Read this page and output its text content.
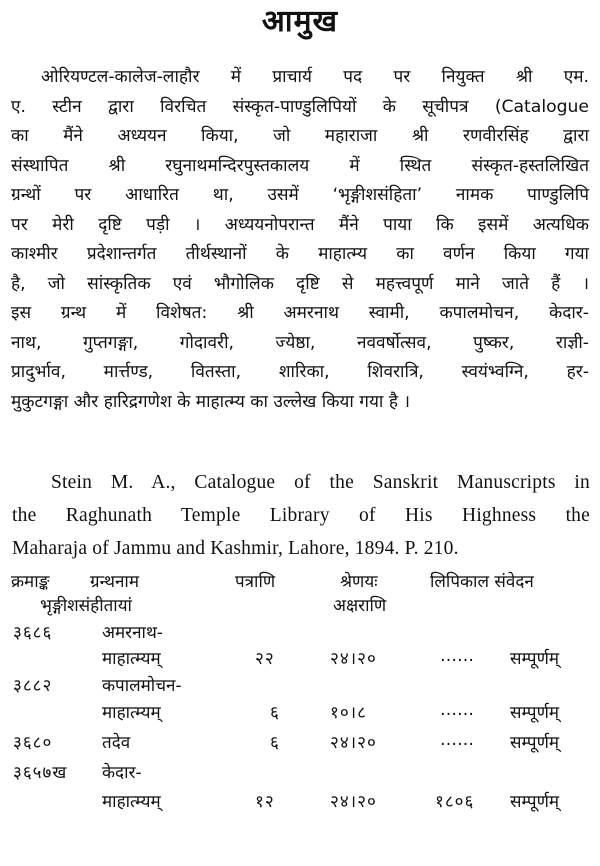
आमुख
ओरियण्टल-कालेज-लाहौर में प्राचार्य पद पर नियुक्त श्री एम.
ए. स्टीन द्वारा विरचित संस्कृत-पाण्डुलिपियों के सूचीपत्र (Catalogue
का मैंने अध्ययन किया, जो महाराजा श्री रणवीरसिंह द्वारा
संस्थापित श्री रघुनाथमन्दिरपुस्तकालय में स्थित संस्कृत-हस्तलिखित
ग्रन्थों पर आधारित था, उसमें ‘भृङ्गीशसंहिता’ नामक पाण्डुलिपि
पर मेरी दृष्टि पड़ी । अध्ययनोपरान्त मैंने पाया कि इसमें अत्यधिक
काश्मीर प्रदेशान्तर्गत तीर्थस्थानों के माहात्म्य का वर्णन किया गया
है, जो सांस्कृतिक एवं भौगोलिक दृष्टि से महत्त्वपूर्ण माने जाते हैं ।
इस ग्रन्थ में विशेषत: श्री अमरनाथ स्वामी, कपालमोचन, केदार-
नाथ, गुप्तगङ्गा, गोदावरी, ज्येष्ठा, नववर्षोत्सव, पुष्कर, राज्ञी-
प्रादुर्भाव, मार्त्तण्ड, वितस्ता, शारिका, शिवरात्रि, स्वयंभ्वग्नि, हर-
मुकुटगङ्गा और हारिद्रगणेश के माहात्म्य का उल्लेख किया गया है ।
Stein M. A., Catalogue of the Sanskrit Manuscripts in
the Raghunath Temple Library of His Highness the
Maharaja of Jammu and Kashmir, Lahore, 1894. P. 210.
क्रमाङ्क ग्रन्थनाम	पत्राणि	श्रेणयः	लिपिकाल संवेदन
भृङ्गीशसंहीतायां	अक्षराणि
३६८६	अमरनाथ-
माहात्म्यम्	२२	२४।२०	…… सम्पूर्णम्
३८८२	कपालमोचन-
माहात्म्यम्	६	१०।८	…… सम्पूर्णम्
३६८०	तदेव	६	२४।२०	…… सम्पूर्णम्
३६५७ख केदार-
माहात्म्यम्	१२	२४।२०	१८०६ सम्पूर्णम्
